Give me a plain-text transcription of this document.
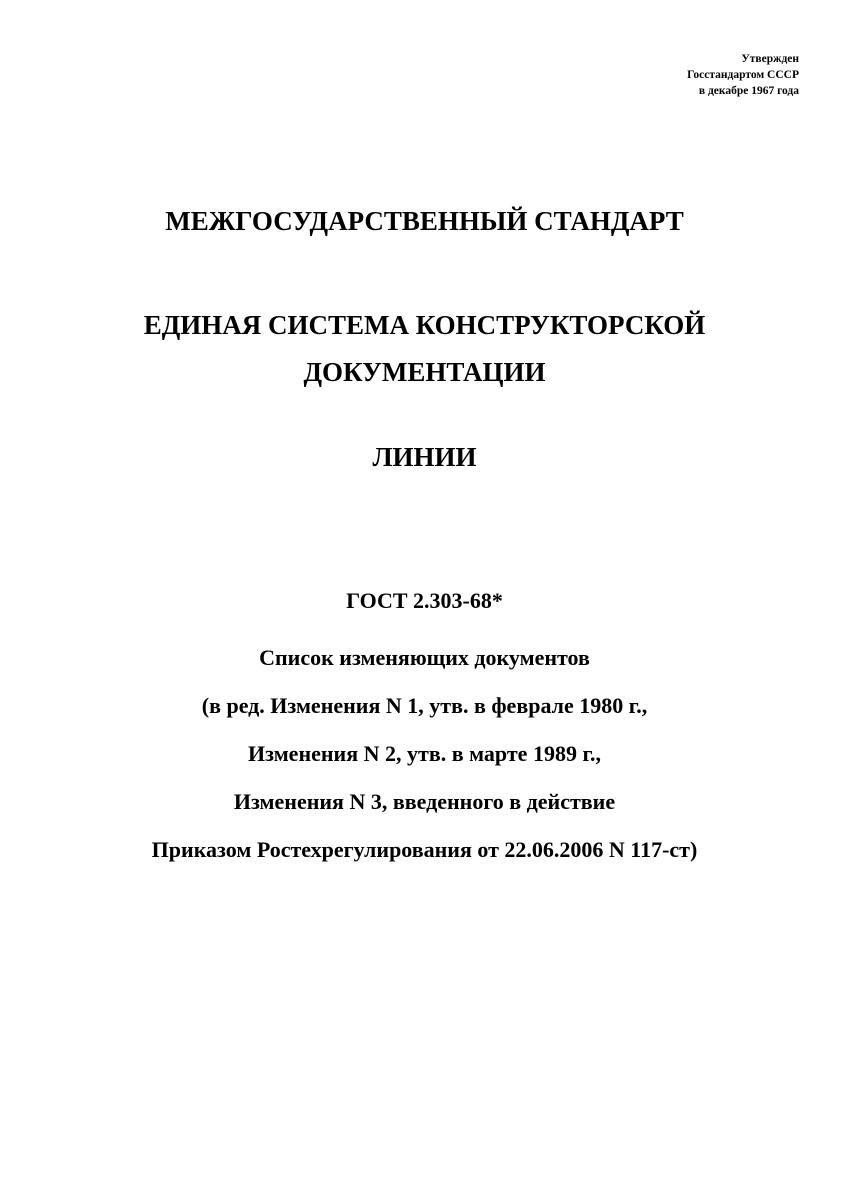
Утвержден
Госстандартом СССР
в декабре 1967 года
МЕЖГОСУДАРСТВЕННЫЙ СТАНДАРТ
ЕДИНАЯ СИСТЕМА КОНСТРУКТОРСКОЙ
ДОКУМЕНТАЦИИ
ЛИНИИ
ГОСТ 2.303-68*
Список изменяющих документов
(в ред. Изменения N 1, утв. в феврале 1980 г.,
Изменения N 2, утв. в марте 1989 г.,
Изменения N 3, введенного в действие
Приказом Ростехрегулирования от 22.06.2006 N 117-ст)
